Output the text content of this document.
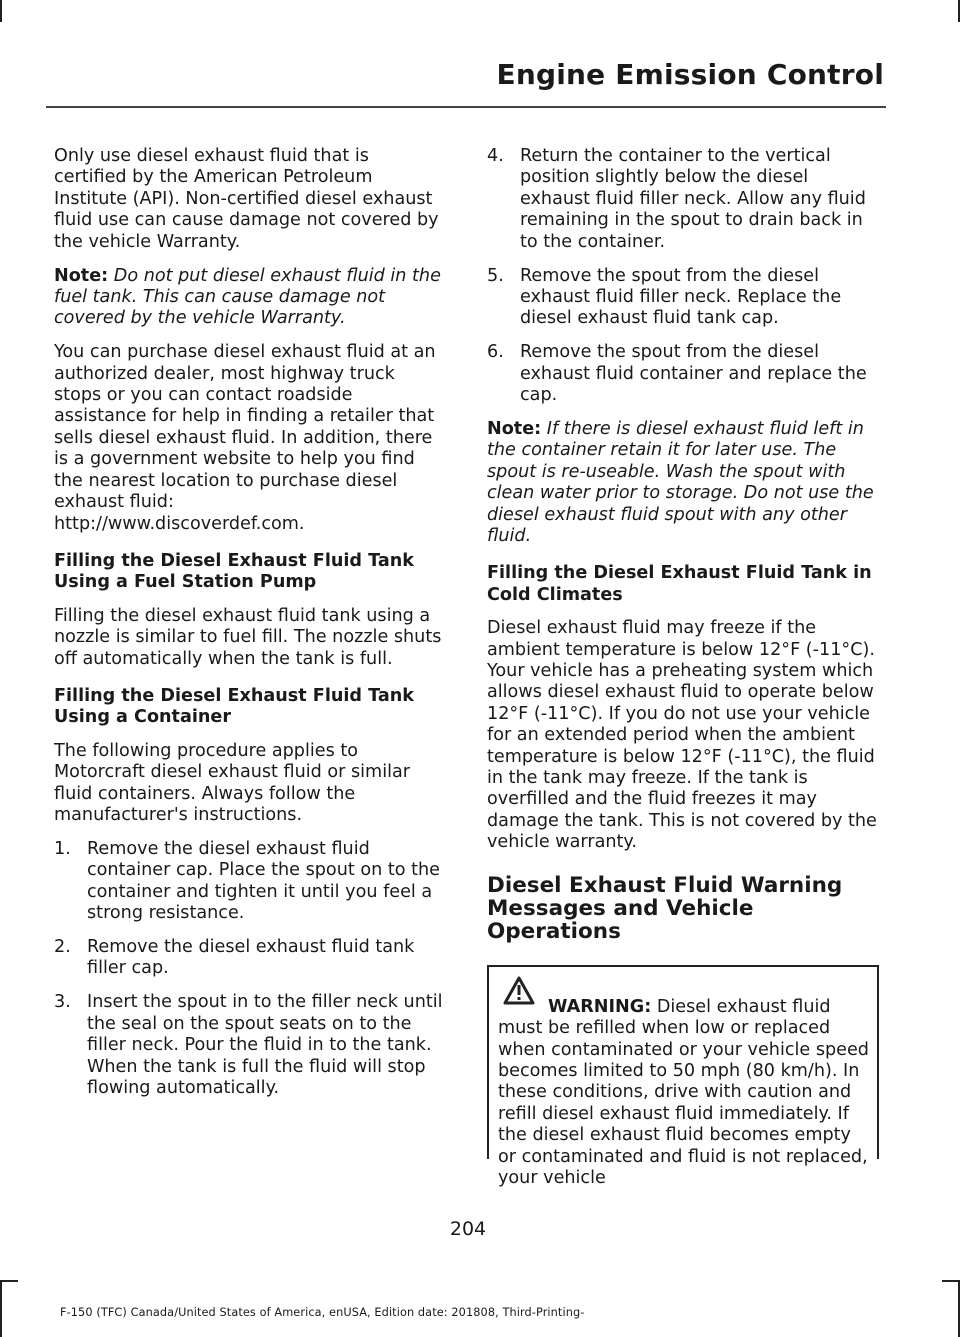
Engine Emission Control

Only use diesel exhaust fluid that is certified by the American Petroleum Institute (API). Non-certified diesel exhaust fluid use can cause damage not covered by the vehicle Warranty.

Note: Do not put diesel exhaust fluid in the fuel tank. This can cause damage not covered by the vehicle Warranty.

You can purchase diesel exhaust fluid at an authorized dealer, most highway truck stops or you can contact roadside assistance for help in finding a retailer that sells diesel exhaust fluid. In addition, there is a government website to help you find the nearest location to purchase diesel exhaust fluid:

http://www.discoverdef.com.

Filling the Diesel Exhaust Fluid Tank Using a Fuel Station Pump

Filling the diesel exhaust fluid tank using a nozzle is similar to fuel fill. The nozzle shuts off automatically when the tank is full.

Filling the Diesel Exhaust Fluid Tank Using a Container

The following procedure applies to Motorcraft diesel exhaust fluid or similar fluid containers. Always follow the manufacturer's instructions.

1. Remove the diesel exhaust fluid container cap. Place the spout on to the container and tighten it until you feel a strong resistance.
2. Remove the diesel exhaust fluid tank filler cap.
3. Insert the spout in to the filler neck until the seal on the spout seats on to the filler neck. Pour the fluid in to the tank. When the tank is full the fluid will stop flowing automatically.
4. Return the container to the vertical position slightly below the diesel exhaust fluid filler neck. Allow any fluid remaining in the spout to drain back in to the container.
5. Remove the spout from the diesel exhaust fluid filler neck. Replace the diesel exhaust fluid tank cap.
6. Remove the spout from the diesel exhaust fluid container and replace the cap.

Note: If there is diesel exhaust fluid left in the container retain it for later use. The spout is re-useable. Wash the spout with clean water prior to storage. Do not use the diesel exhaust fluid spout with any other fluid.

Filling the Diesel Exhaust Fluid Tank in Cold Climates

Diesel exhaust fluid may freeze if the ambient temperature is below 12°F (-11°C). Your vehicle has a preheating system which allows diesel exhaust fluid to operate below 12°F (-11°C). If you do not use your vehicle for an extended period when the ambient temperature is below 12°F (-11°C), the fluid in the tank may freeze. If the tank is overfilled and the fluid freezes it may damage the tank. This is not covered by the vehicle warranty.

Diesel Exhaust Fluid Warning Messages and Vehicle Operations

WARNING: Diesel exhaust fluid must be refilled when low or replaced when contaminated or your vehicle speed becomes limited to 50 mph (80 km/h). In these conditions, drive with caution and refill diesel exhaust fluid immediately. If the diesel exhaust fluid becomes empty or contaminated and fluid is not replaced, your vehicle

204
F-150 (TFC) Canada/United States of America, enUSA, Edition date: 201808, Third-Printing-
